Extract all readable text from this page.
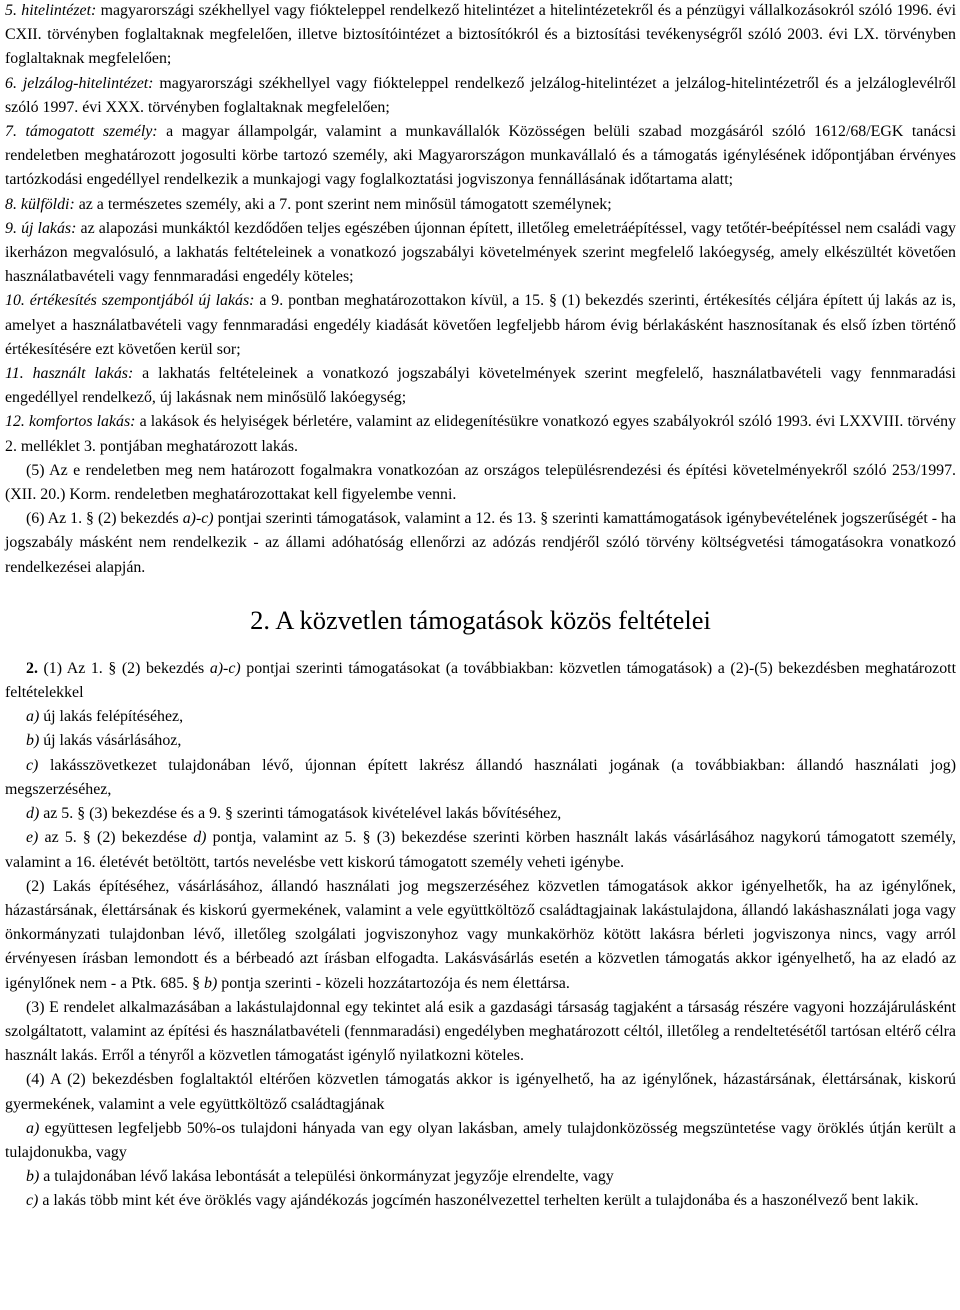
5. hitelintézet: magyarországi székhellyel vagy fiókteleppel rendelkező hitelintézet a hitelintézetekről és a pénzügyi vállalkozásokról szóló 1996. évi CXII. törvényben foglaltaknak megfelelően, illetve biztosítóintézet a biztosítókról és a biztosítási tevékenységről szóló 2003. évi LX. törvényben foglaltaknak megfelelően;

6. jelzálog-hitelintézet: magyarországi székhellyel vagy fiókteleppel rendelkező jelzálog-hitelintézet a jelzálog-hitelintézetről és a jelzáloglevélről szóló 1997. évi XXX. törvényben foglaltaknak megfelelően;

7. támogatott személy: a magyar állampolgár, valamint a munkavállalók Közösségen belüli szabad mozgásáról szóló 1612/68/EGK tanácsi rendeletben meghatározott jogosulti körbe tartozó személy, aki Magyarországon munkavállaló és a támogatás igénylésének időpontjában érvényes tartózkodási engedéllyel rendelkezik a munkajogi vagy foglalkoztatási jogviszonya fennállásának időtartama alatt;

8. külföldi: az a természetes személy, aki a 7. pont szerint nem minősül támogatott személynek;

9. új lakás: az alapozási munkáktól kezdődően teljes egészében újonnan épített, illetőleg emeletráépítéssel, vagy tetőtér-beépítéssel nem családi vagy ikerházon megvalósuló, a lakhatás feltételeinek a vonatkozó jogszabályi követelmények szerint megfelelő lakóegység, amely elkészültét követően használatbavételi vagy fennmaradási engedély köteles;

10. értékesítés szempontjából új lakás: a 9. pontban meghatározottakon kívül, a 15. § (1) bekezdés szerinti, értékesítés céljára épített új lakás az is, amelyet a használatbavételi vagy fennmaradási engedély kiadását követően legfeljebb három évig bérlakásként hasznosítanak és első ízben történő értékesítésére ezt követően kerül sor;

11. használt lakás: a lakhatás feltételeinek a vonatkozó jogszabályi követelmények szerint megfelelő, használatbavételi vagy fennmaradási engedéllyel rendelkező, új lakásnak nem minősülő lakóegység;

12. komfortos lakás: a lakások és helyiségek bérletére, valamint az elidegenítésükre vonatkozó egyes szabályokról szóló 1993. évi LXXVIII. törvény 2. melléklet 3. pontjában meghatározott lakás.

(5) Az e rendeletben meg nem határozott fogalmakra vonatkozóan az országos településrendezési és építési követelményekről szóló 253/1997. (XII. 20.) Korm. rendeletben meghatározottakat kell figyelembe venni.

(6) Az 1. § (2) bekezdés a)-c) pontjai szerinti támogatások, valamint a 12. és 13. § szerinti kamattámogatások igénybevételének jogszerűségét - ha jogszabály másként nem rendelkezik - az állami adóhatóság ellenőrzi az adózás rendjéről szóló törvény költségvetési támogatásokra vonatkozó rendelkezései alapján.

2. A közvetlen támogatások közös feltételei

2. (1) Az 1. § (2) bekezdés a)-c) pontjai szerinti támogatásokat (a továbbiakban: közvetlen támogatások) a (2)-(5) bekezdésben meghatározott feltételekkel

a) új lakás felépítéséhez,

b) új lakás vásárlásához,

c) lakásszövetkezet tulajdonában lévő, újonnan épített lakrész állandó használati jogának (a továbbiakban: állandó használati jog) megszerzéséhez,

d) az 5. § (3) bekezdése és a 9. § szerinti támogatások kivételével lakás bővítéséhez,

e) az 5. § (2) bekezdése d) pontja, valamint az 5. § (3) bekezdése szerinti körben használt lakás vásárlásához nagykorú támogatott személy, valamint a 16. életévét betöltött, tartós nevelésbe vett kiskorú támogatott személy veheti igénybe.

(2) Lakás építéséhez, vásárlásához, állandó használati jog megszerzéséhez közvetlen támogatások akkor igényelhetők, ha az igénylőnek, házastársának, élettársának és kiskorú gyermekének, valamint a vele együttköltöző családtagjainak lakástulajdona, állandó lakáshasználati joga vagy önkormányzati tulajdonban lévő, illetőleg szolgálati jogviszonyhoz vagy munkakörhöz kötött lakásra bérleti jogviszonya nincs, vagy arról érvényesen írásban lemondott és a bérbeadó azt írásban elfogadta. Lakásvásárlás esetén a közvetlen támogatás akkor igényelhető, ha az eladó az igénylőnek nem - a Ptk. 685. § b) pontja szerinti - közeli hozzátartozója és nem élettársa.

(3) E rendelet alkalmazásában a lakástulajdonnal egy tekintet alá esik a gazdasági társaság tagjaként a társaság részére vagyoni hozzájárulásként szolgáltatott, valamint az építési és használatbavételi (fennmaradási) engedélyben meghatározott céltól, illetőleg a rendeltetésétől tartósan eltérő célra használt lakás. Erről a tényről a közvetlen támogatást igénylő nyilatkozni köteles.

(4) A (2) bekezdésben foglaltaktól eltérően közvetlen támogatás akkor is igényelhető, ha az igénylőnek, házastársának, élettársának, kiskorú gyermekének, valamint a vele együttköltöző családtagjának

a) együttesen legfeljebb 50%-os tulajdoni hányada van egy olyan lakásban, amely tulajdonközösség megszüntetése vagy öröklés útján került a tulajdonukba, vagy

b) a tulajdonában lévő lakása lebontását a települési önkormányzat jegyzője elrendelte, vagy

c) a lakás több mint két éve öröklés vagy ajándékozás jogcímén haszonélvezettel terhelten került a tulajdonába és a haszonélvező bent lakik.
